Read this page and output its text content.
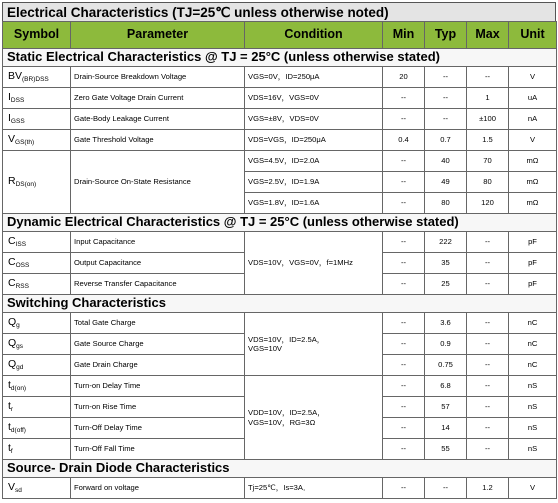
Electrical Characteristics (TJ=25℃ unless otherwise noted)
Symbol	Parameter	Condition	Min	Typ	Max	Unit
Static Electrical Characteristics @ TJ = 25°C (unless otherwise stated)						
$BV_{(BR)DSS}$	Drain-Source Breakdown Voltage	VGS=0V，ID=250μA	20	--	--	V
$I_{DSS}$	Zero Gate Voltage Drain Current	VDS=16V，VGS=0V	--	--	1	uA
$I_{GSS}$	Gate-Body Leakage Current	VGS=±8V，VDS=0V	--	--	±100	nA
$V_{GS(th)}$	Gate Threshold Voltage	VDS=VGS，ID=250μA	0.4	0.7	1.5	V
$R_{DS(on)}$	Drain-Source On-State Resistance	VGS=4.5V，ID=2.0A	--	40	70	mΩ
		VGS=2.5V，ID=1.9A	--	49	80	mΩ
		VGS=1.8V，ID=1.6A	--	80	120	mΩ
Dynamic Electrical Characteristics @ TJ = 25°C (unless otherwise stated)						
$C_{ISS}$	Input Capacitance	VDS=10V，VGS=0V，f=1MHz	--	222	--	pF
$C_{OSS}$	Output Capacitance		--	35	--	pF
$C_{RSS}$	Reverse Transfer Capacitance		--	25	--	pF
Switching Characteristics						
$Q_g$	Total Gate Charge	VDS=10V，ID=2.5A，
VGS=10V	--	3.6	--	nC
$Q_{gs}$	Gate Source Charge		--	0.9	--	nC
$Q_{gd}$	Gate Drain Charge		--	0.75	--	nC
$t_{d(on)}$	Turn-on Delay Time	VDD=10V，ID=2.5A，
VGS=10V，RG=3Ω	--	6.8	--	nS
$t_r$	Turn-on Rise Time		--	57	--	nS
$t_{d(off)}$	Turn-Off Delay Time		--	14	--	nS
$t_f$	Turn-Off Fall Time		--	55	--	nS
Source- Drain Diode Characteristics						
$V_{sd}$	Forward on voltage	Tj=25℃，Is=3A．	--	--	1.2	V
